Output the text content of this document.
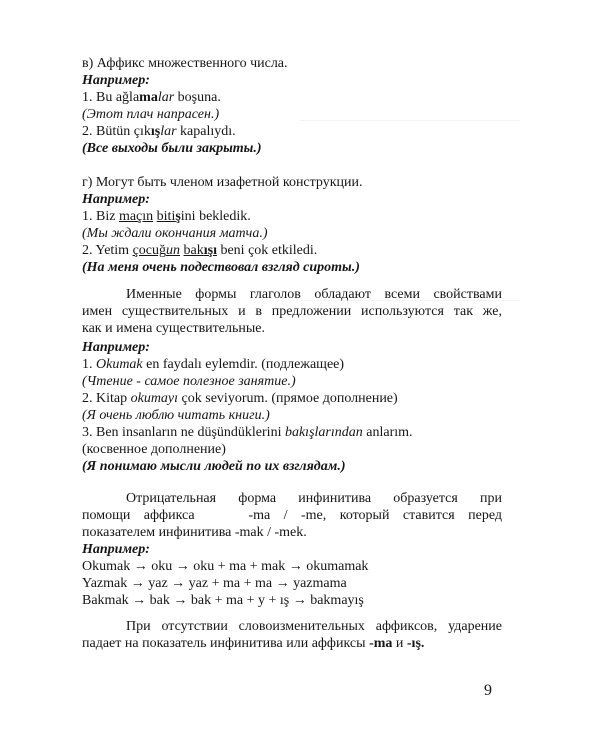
в) Аффикс множественного числа.

Например:

1. Bu ağlamalar boşuna.

(Этот плач напрасен.)

2. Bütün çıkışlar kapalıydı.

(Все выходы были закрыты.)

г) Могут быть членом изафетной конструкции.

Например:

1. Biz maçın bitişini bekledik.

(Мы ждали окончания матча.)

2. Yetim çocuğun bakışı beni çok etkiledi.

(На меня очень подествовал взгляд сироты.)

Именные формы глаголов обладают всеми свойствами
имен существительных и в предложении используются так же,
как и имена существительные.

Например:

1. Okumak en faydalı eylemdir. (подлежащее)

(Чтение - самое полезное занятие.)

2. Kitap okumayı çok seviyorum. (прямое дополнение)

(Я очень люблю читать книги.)

3. Ben insanların ne düşündüklerini bakışlarından anlarım.

(косвенное дополнение)

(Я понимаю мысли людей по их взглядам.)

Отрицательная форма инфинитива образуется при
помощи аффикса    -ma / -me, который ставится перед
показателем инфинитива -mak / -mek.

Например:

Okumak → oku → oku + ma + mak → okumamak

Yazmak → yaz → yaz + ma + ma → yazmama

Bakmak → bak → bak + ma + y + ış → bakmayış

При отсутствии словоизменительных аффиксов, ударение
падает на показатель инфинитива или аффиксы -ma и -ış.

9
